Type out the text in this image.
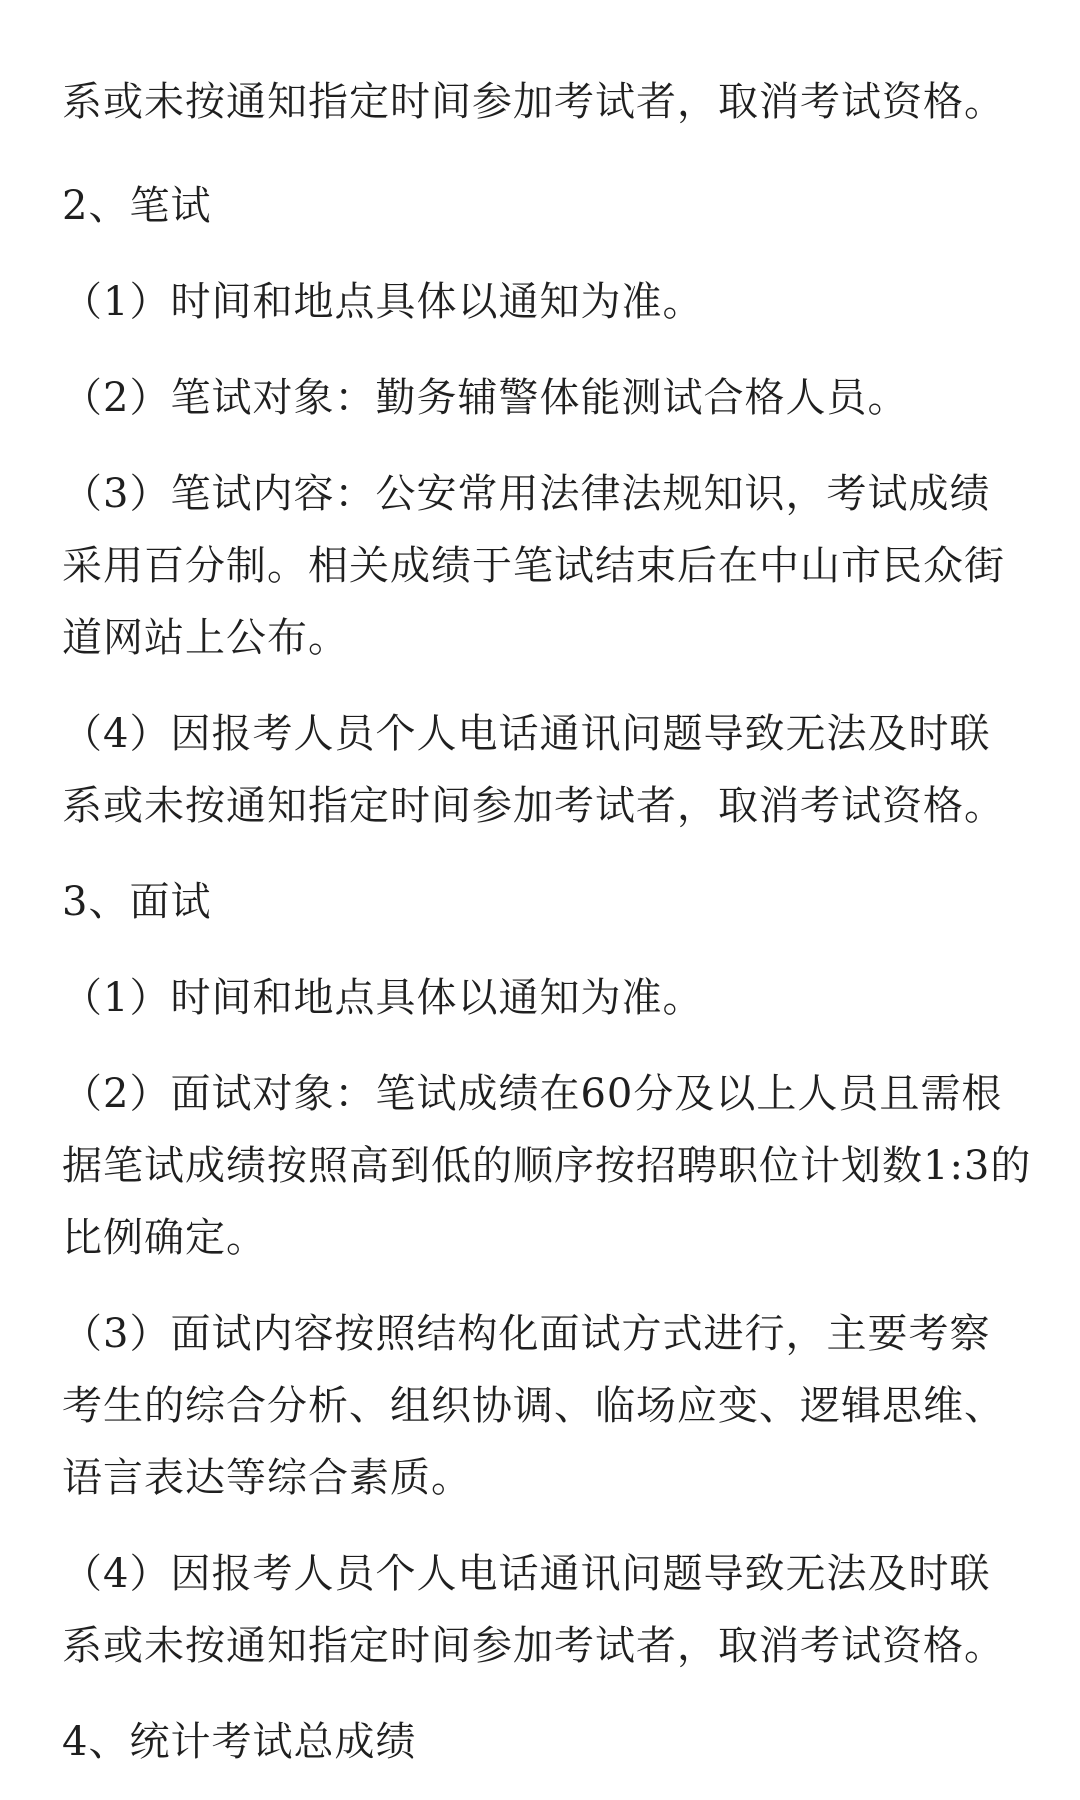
系或未按通知指定时间参加考试者，取消考试资格。
2、笔试
（1）时间和地点具体以通知为准。
（2）笔试对象：勤务辅警体能测试合格人员。
（3）笔试内容：公安常用法律法规知识，考试成绩
采用百分制。相关成绩于笔试结束后在中山市民众街
道网站上公布。
（4）因报考人员个人电话通讯问题导致无法及时联
系或未按通知指定时间参加考试者，取消考试资格。
3、面试
（1）时间和地点具体以通知为准。
（2）面试对象：笔试成绩在60分及以上人员且需根
据笔试成绩按照高到低的顺序按招聘职位计划数1:3的
比例确定。
（3）面试内容按照结构化面试方式进行，主要考察
考生的综合分析、组织协调、临场应变、逻辑思维、
语言表达等综合素质。
（4）因报考人员个人电话通讯问题导致无法及时联
系或未按通知指定时间参加考试者，取消考试资格。
4、统计考试总成绩
